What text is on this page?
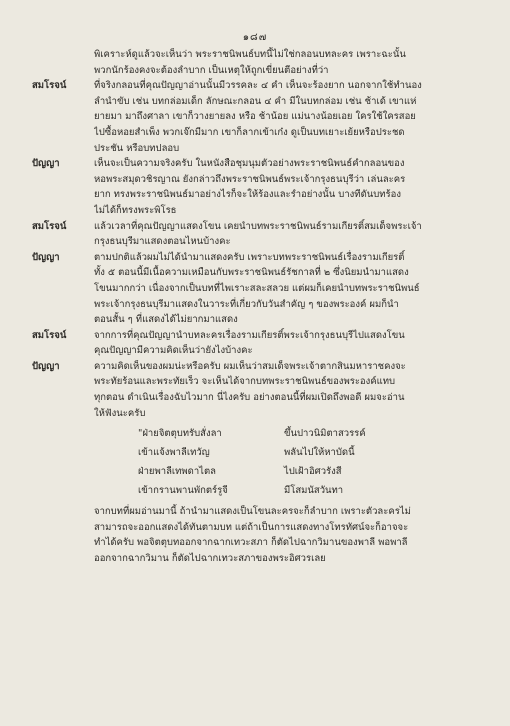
๑๘๗
พิเคราะห์ดูแล้วจะเห็นว่า พระราชนิพนธ์บทนี้ไม่ใช่กลอนบทละคร เพราะฉะนั้น
พวกนักร้องคงจะต้องลำบาก เป็นเหตุให้ถูกเขี่ยนตีอย่างที่ว่า
สมโรจน์	ที่จริงกลอนที่คุณปัญญาอ่านนั้นมีวรรคละ ๔ คำ เห็นจะร้องยาก นอกจากใช้ทำนอง
ลำนำขับ เช่น บทกล่อมเด็ก ลักษณะกลอน ๔ คำ มีในบทกล่อม เช่น ช้าเด้ เขาแห่
ยายมา มาถึงศาลา เขาก็วางยายลง หรือ ช้าน้อย แม่นางน้อยเอย ใครใช้ใครสอย
ไปซื้อหอยสำเพ็ง พวกเจ๊กมีมาก เขาก็ลากเข้าเก๋ง ดูเป็นบทเยาะเย้ยหรือประชด
ประชัน หรือบทปลอบ
ปัญญา	เห็นจะเป็นความจริงครับ ในหนังสือชุมนุมตัวอย่างพระราชนิพนธ์คำกลอนของ
หอพระสมุดวชิรญาณ ยังกล่าวถึงพระราชนิพนธ์พระเจ้ากรุงธนบุรีว่า เล่นละคร
ยาก ทรงพระราชนิพนธ์มาอย่างไรก็จะให้ร้องและรำอย่างนั้น บางทีดันบทร้อง
ไม่ได้ก็ทรงพระพิโรธ
สมโรจน์	แล้วเวลาที่คุณปัญญาแสดงโขน เคยนำบทพระราชนิพนธ์รามเกียรติ์สมเด็จพระเจ้า
กรุงธนบุรีมาแสดงตอนไหนบ้างคะ
ปัญญา	ตามปกติแล้วผมไม่ได้นำมาแสดงครับ เพราะบทพระราชนิพนธ์เรื่องรามเกียรติ์
ทั้ง ๕ ตอนนี้มีเนื้อความเหมือนกับพระราชนิพนธ์รัชกาลที่ ๒ ซึ่งนิยมนำมาแสดง
โขนมากกว่า เนื่องจากเป็นบทที่ไพเราะสละสลวย แต่ผมก็เคยนำบทพระราชนิพนธ์
พระเจ้ากรุงธนบุรีมาแสดงในวาระที่เกี่ยวกับวันสำคัญ ๆ ของพระองค์ ผมก็นำ
ตอนสั้น ๆ ที่แสดงได้ไม่ยากมาแสดง
สมโรจน์	จากการที่คุณปัญญานำบทละครเรื่องรามเกียรติ์พระเจ้ากรุงธนบุรีไปแสดงโขน
คุณปัญญามีความคิดเห็นว่ายังไงบ้างคะ
ปัญญา	ความคิดเห็นของผมน่ะหรือครับ ผมเห็นว่าสมเด็จพระเจ้าตากสินมหาราชคงจะ
พระทัยร้อนและพระทัยเร็ว จะเห็นได้จากบทพระราชนิพนธ์ของพระองค์แทบ
ทุกตอน ดำเนินเรื่องฉับไวมาก นี่ไงครับ อย่างตอนนี้ที่ผมเปิดถึงพอดี ผมจะอ่าน
ให้ฟังนะครับ
"ฝ่ายจิตตุบทรับสั่งลา	ขึ้นปาวนิมิตาสวรรค์
เข้าแจ้งพาลีเทวัญ	พลันไปให้หาบัดนี้
ฝ่ายพาลีเทพดาไตล	ไปเฝ้าอิศวรังสี
เข้ากรานพานพักตร์รูจี	มีโสมนัสวันทา
จากบทที่ผมอ่านมานี้ ถ้านำมาแสดงเป็นโขนละครจะก็ลำบาก เพราะตัวละครไม่
สามารถจะออกแสดงได้ทันตามบท แต่ถ้าเป็นการแสดงทางโทรทัศน์จะก็อาจจะ
ทำได้ครับ พอจิตตุบทออกจากฉากเทวะสภา ก็ตัดไปฉากวิมานของพาลี พอพาลี
ออกจากฉากวิมาน ก็ตัดไปฉากเทวะสภาของพระอิศวรเลย
